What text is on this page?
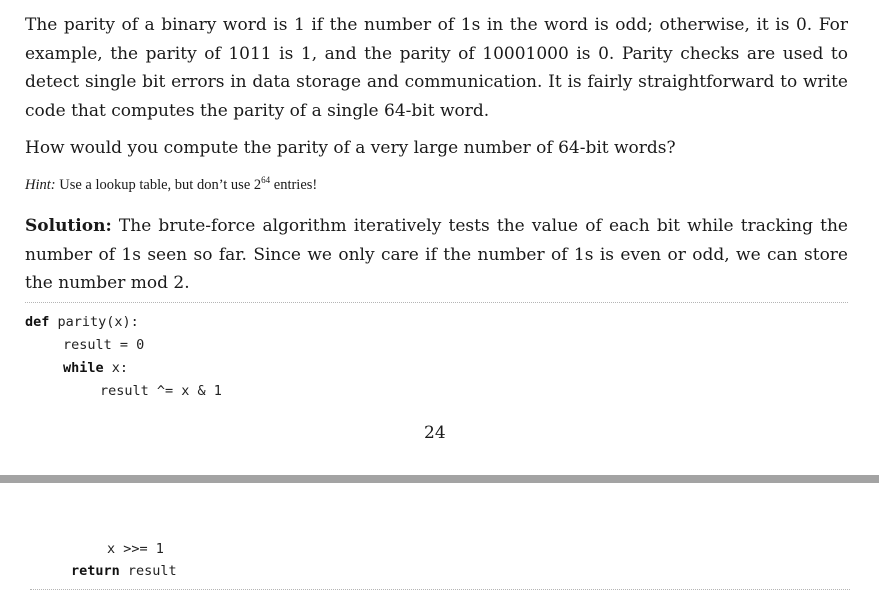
The parity of a binary word is 1 if the number of 1s in the word is odd; otherwise, it is 0. For example, the parity of 1011 is 1, and the parity of 10001000 is 0. Parity checks are used to detect single bit errors in data storage and communication. It is fairly straightforward to write code that computes the parity of a single 64-bit word.

How would you compute the parity of a very large number of 64-bit words?

Hint: Use a lookup table, but don’t use $2^{64}$ entries!

Solution: The brute-force algorithm iteratively tests the value of each bit while tracking the number of 1s seen so far. Since we only care if the number of 1s is even or odd, we can store the number mod 2.

def parity(x):
result = 0
while x:
result ^= x & 1

24

x >>= 1
return result
